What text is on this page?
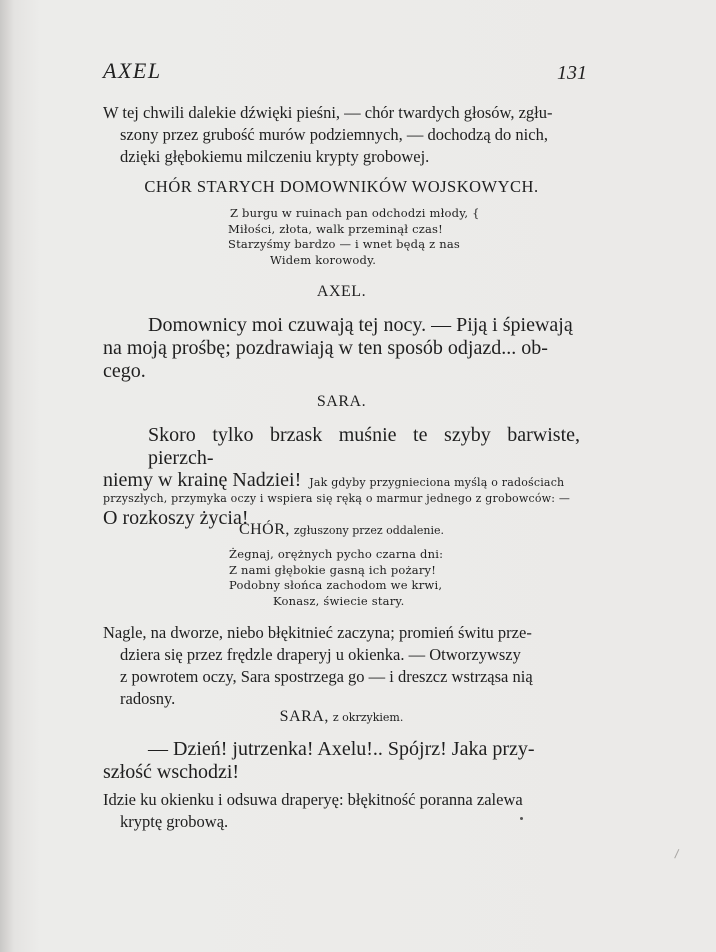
AXEL	131
W tej chwili dalekie dźwięki pieśni, — chór twardych głosów, zgłu-
szony przez grubość murów podziemnych, — dochodzą do nich,
dzięki głębokiemu milczeniu krypty grobowej.
CHÓR STARYCH DOMOWNIKÓW WOJSKOWYCH.
Z burgu w ruinach pan odchodzi młody, {
Miłości, złota, walk przeminął czas!
Starzyśmy bardzo — i wnet będą z nas
Widem korowody.
AXEL.
Domownicy moi czuwają tej nocy. — Piją i śpiewają
na moją prośbę; pozdrawiają w ten sposób odjazd... ob-
cego.
SARA.
Skoro tylko brzask muśnie te szyby barwiste, pierzch-
niemy w krainę Nadziei! Jak gdyby przygnieciona myślą o radościach
przyszłych, przymyka oczy i wspiera się ręką o marmur jednego z grobowców: —
O rozkoszy życia!
CHÓR, zgłuszony przez oddalenie.
Żegnaj, orężnych pycho czarna dni:
Z nami głębokie gasną ich pożary!
Podobny słońca zachodom we krwi,
Konasz, świecie stary.
Nagle, na dworze, niebo błękitnieć zaczyna; promień świtu prze-
dziera się przez frędzle draperyj u okienka. — Otworzywszy
z powrotem oczy, Sara spostrzega go — i dreszcz wstrząsa nią
radosny.
SARA, z okrzykiem.
— Dzień! jutrzenka! Axelu!.. Spójrz! Jaka przy-
szłość wschodzi!
Idzie ku okienku i odsuwa draperyę: błękitność poranna zalewa
kryptę grobową.
